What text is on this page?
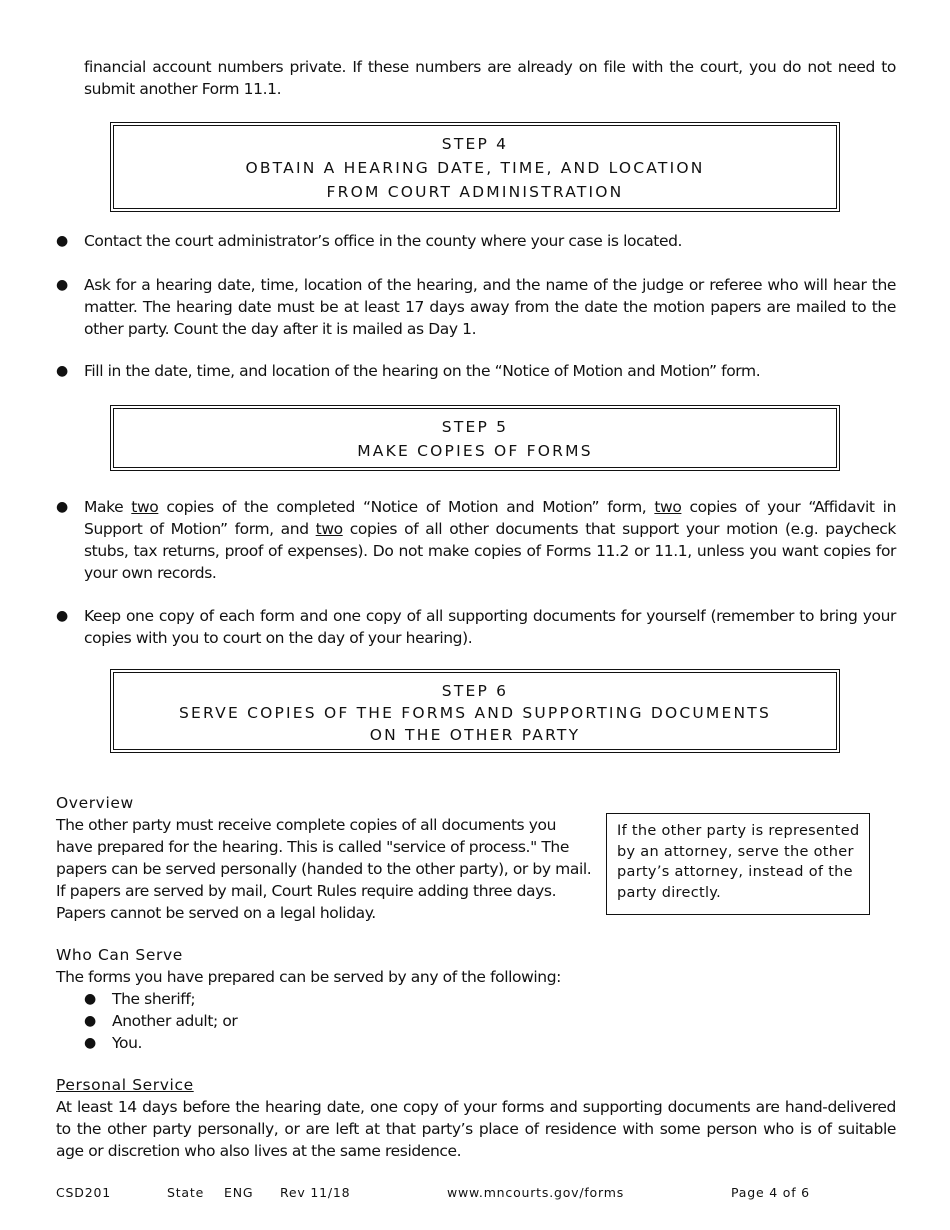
financial account numbers private. If these numbers are already on file with the court, you do not need to submit another Form 11.1.
STEP 4
OBTAIN A HEARING DATE, TIME, AND LOCATION
FROM COURT ADMINISTRATION
●	Contact the court administrator’s office in the county where your case is located.
●	Ask for a hearing date, time, location of the hearing, and the name of the judge or referee who will hear the matter. The hearing date must be at least 17 days away from the date the motion papers are mailed to the other party. Count the day after it is mailed as Day 1.
●	Fill in the date, time, and location of the hearing on the “Notice of Motion and Motion” form.
STEP 5
MAKE COPIES OF FORMS
●	Make two copies of the completed “Notice of Motion and Motion” form, two copies of your “Affidavit in Support of Motion” form, and two copies of all other documents that support your motion (e.g. paycheck stubs, tax returns, proof of expenses). Do not make copies of Forms 11.2 or 11.1, unless you want copies for your own records.
●	Keep one copy of each form and one copy of all supporting documents for yourself (remember to bring your copies with you to court on the day of your hearing).
STEP 6
SERVE COPIES OF THE FORMS AND SUPPORTING DOCUMENTS
ON THE OTHER PARTY
Overview
The other party must receive complete copies of all documents you
have prepared for the hearing. This is called "service of process." The
papers can be served personally (handed to the other party), or by mail.
If papers are served by mail, Court Rules require adding three days.
Papers cannot be served on a legal holiday.
If the other party is represented
by an attorney, serve the other
party’s attorney, instead of the
party directly.
Who Can Serve
The forms you have prepared can be served by any of the following:
● The sheriff;
● Another adult; or
● You.
Personal Service
At least 14 days before the hearing date, one copy of your forms and supporting documents are hand-delivered to the other party personally, or are left at that party’s place of residence with some person who is of suitable age or discretion who also lives at the same residence.
CSD201	State ENG Rev 11/18	www.mncourts.gov/forms	Page 4 of 6
